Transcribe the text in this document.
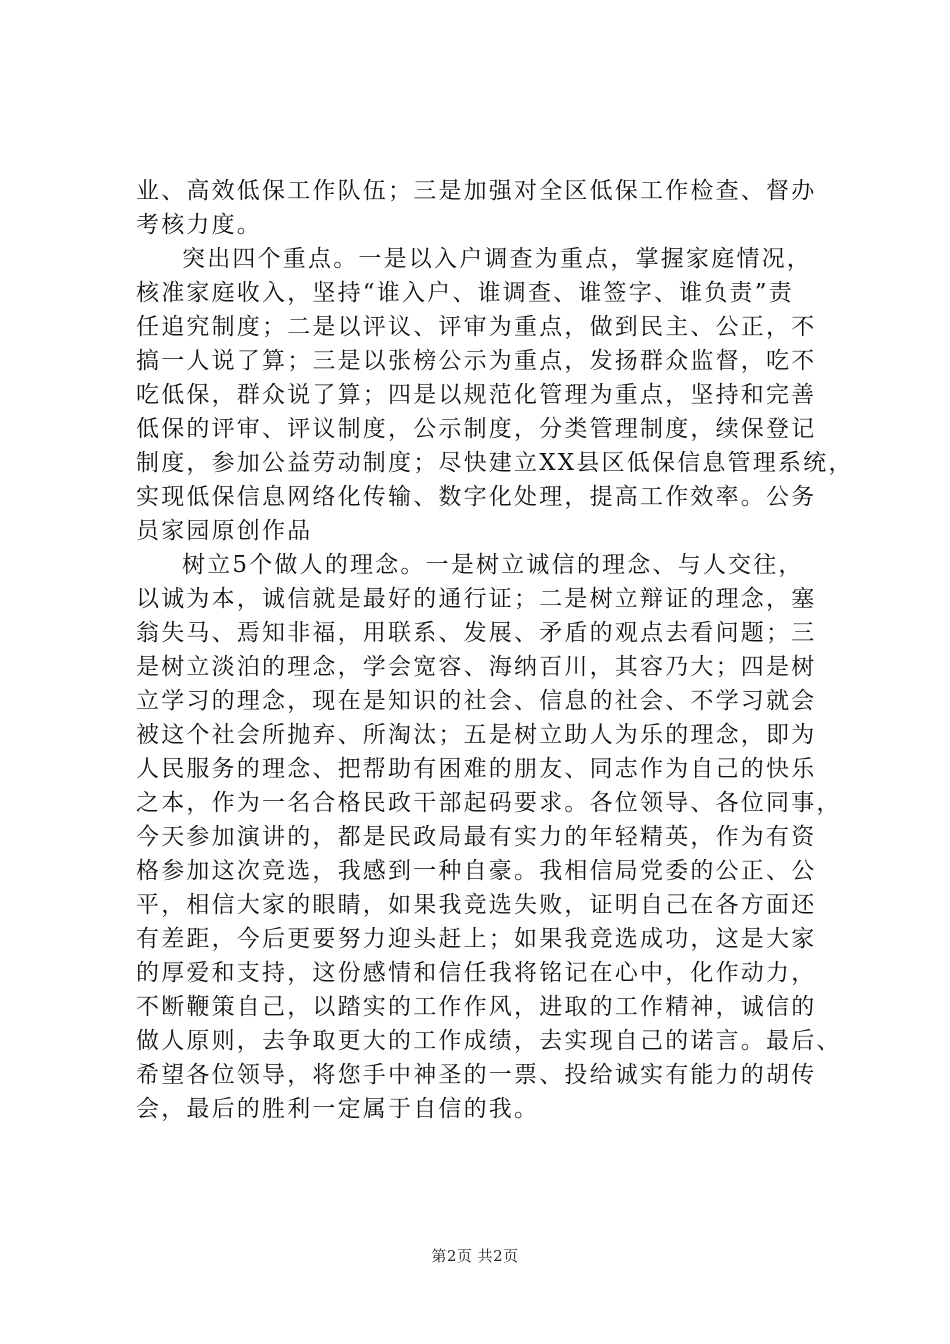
业、高效低保工作队伍；三是加强对全区低保工作检查、督办
考核力度。
突出四个重点。一是以入户调查为重点，掌握家庭情况，
核准家庭收入，坚持“谁入户、谁调查、谁签字、谁负责”责
任追究制度；二是以评议、评审为重点，做到民主、公正，不
搞一人说了算；三是以张榜公示为重点，发扬群众监督，吃不
吃低保，群众说了算；四是以规范化管理为重点，坚持和完善
低保的评审、评议制度，公示制度，分类管理制度，续保登记
制度，参加公益劳动制度；尽快建立XX县区低保信息管理系统，
实现低保信息网络化传输、数字化处理，提高工作效率。公务
员家园原创作品
树立5个做人的理念。一是树立诚信的理念、与人交往，
以诚为本，诚信就是最好的通行证；二是树立辩证的理念，塞
翁失马、焉知非福，用联系、发展、矛盾的观点去看问题；三
是树立淡泊的理念，学会宽容、海纳百川，其容乃大；四是树
立学习的理念，现在是知识的社会、信息的社会、不学习就会
被这个社会所抛弃、所淘汰；五是树立助人为乐的理念，即为
人民服务的理念、把帮助有困难的朋友、同志作为自己的快乐
之本，作为一名合格民政干部起码要求。各位领导、各位同事，
今天参加演讲的，都是民政局最有实力的年轻精英，作为有资
格参加这次竞选，我感到一种自豪。我相信局党委的公正、公
平，相信大家的眼睛，如果我竞选失败，证明自己在各方面还
有差距，今后更要努力迎头赶上；如果我竞选成功，这是大家
的厚爱和支持，这份感情和信任我将铭记在心中，化作动力，
不断鞭策自己，以踏实的工作作风，进取的工作精神，诚信的
做人原则，去争取更大的工作成绩，去实现自己的诺言。最后、
希望各位领导，将您手中神圣的一票、投给诚实有能力的胡传
会，最后的胜利一定属于自信的我。
第2页 共2页
